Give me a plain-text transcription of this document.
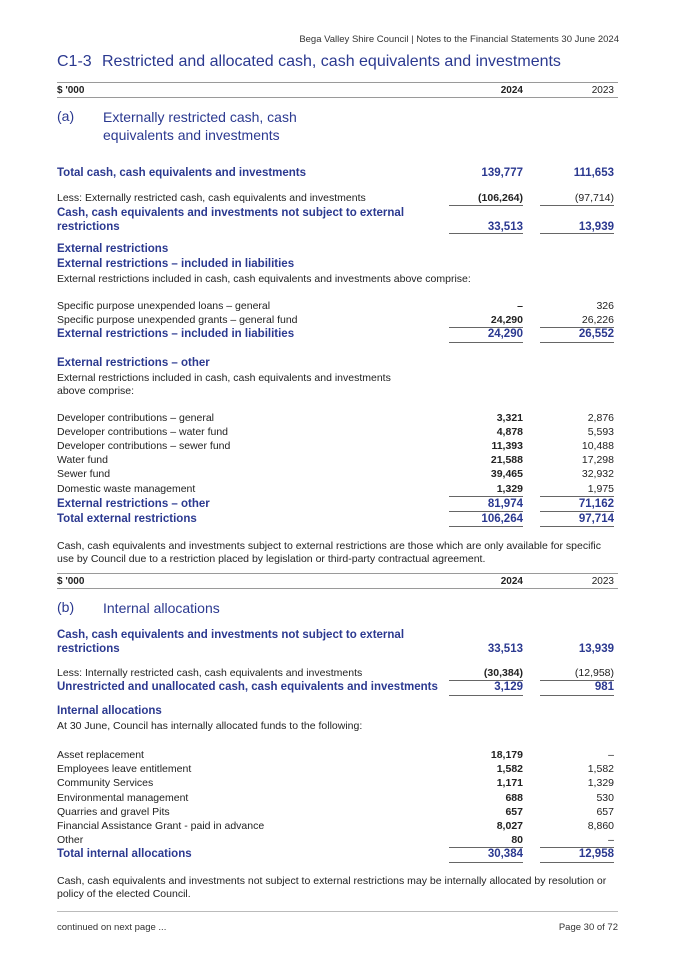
Bega Valley Shire Council | Notes to the Financial Statements 30 June 2024
C1-3 Restricted and allocated cash, cash equivalents and investments
$ '000	2024	2023
(a) Externally restricted cash, cash equivalents and investments
Total cash, cash equivalents and investments	139,777	111,653
Less: Externally restricted cash, cash equivalents and investments	(106,264)	(97,714)
Cash, cash equivalents and investments not subject to external
restrictions	33,513	13,939
External restrictions
External restrictions – included in liabilities
External restrictions included in cash, cash equivalents and investments above comprise:
Specific purpose unexpended loans – general	–	326
Specific purpose unexpended grants – general fund	24,290	26,226
External restrictions – included in liabilities	24,290	26,552
External restrictions – other
External restrictions included in cash, cash equivalents and investments above comprise:
Developer contributions – general	3,321	2,876
Developer contributions – water fund	4,878	5,593
Developer contributions – sewer fund	11,393	10,488
Water fund	21,588	17,298
Sewer fund	39,465	32,932
Domestic waste management	1,329	1,975
External restrictions – other	81,974	71,162
Total external restrictions	106,264	97,714
Cash, cash equivalents and investments subject to external restrictions are those which are only available for specific use by Council due to a restriction placed by legislation or third-party contractual agreement.
$ '000	2024	2023
(b) Internal allocations
Cash, cash equivalents and investments not subject to external
restrictions	33,513	13,939
Less: Internally restricted cash, cash equivalents and investments	(30,384)	(12,958)
Unrestricted and unallocated cash, cash equivalents and investments	3,129	981
Internal allocations
At 30 June, Council has internally allocated funds to the following:
Asset replacement	18,179	–
Employees leave entitlement	1,582	1,582
Community Services	1,171	1,329
Environmental management	688	530
Quarries and gravel Pits	657	657
Financial Assistance Grant - paid in advance	8,027	8,860
Other	80	–
Total internal allocations	30,384	12,958
Cash, cash equivalents and investments not subject to external restrictions may be internally allocated by resolution or policy of the elected Council.
continued on next page ...	Page 30 of 72
